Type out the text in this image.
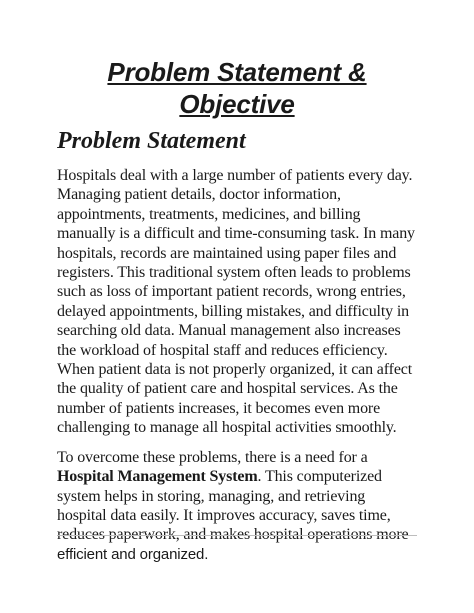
Problem Statement & Objective
Problem Statement

Hospitals deal with a large number of patients every day. Managing patient details, doctor information, appointments, treatments, medicines, and billing manually is a difficult and time-consuming task. In many hospitals, records are maintained using paper files and registers. This traditional system often leads to problems such as loss of important patient records, wrong entries, delayed appointments, billing mistakes, and difficulty in searching old data. Manual management also increases the workload of hospital staff and reduces efficiency. When patient data is not properly organized, it can affect the quality of patient care and hospital services. As the number of patients increases, it becomes even more challenging to manage all hospital activities smoothly.

To overcome these problems, there is a need for a Hospital Management System. This computerized system helps in storing, managing, and retrieving hospital data easily. It improves accuracy, saves time, reduces paperwork, and makes hospital operations more efficient and organized.
